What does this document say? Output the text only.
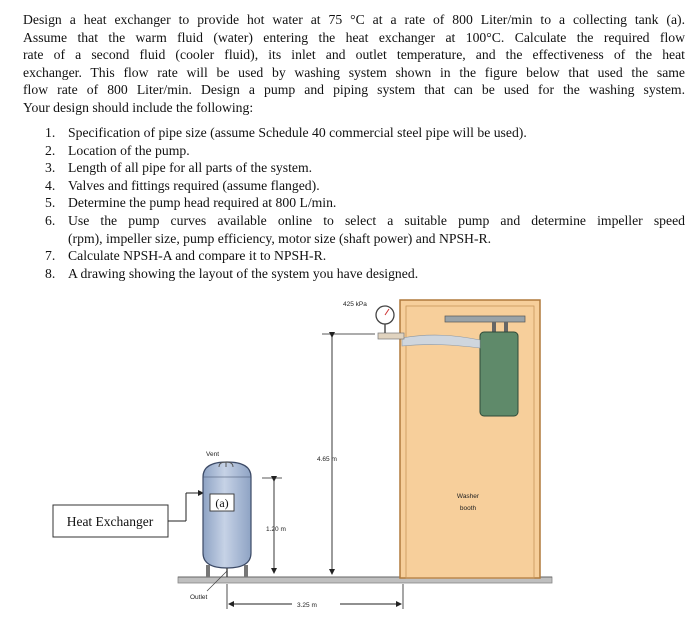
Design a heat exchanger to provide hot water at 75 °C at a rate of 800 Liter/min to a collecting tank (a).
Assume that the warm fluid (water) entering the heat exchanger at 100°C. Calculate the required flow
rate of a second fluid (cooler fluid), its inlet and outlet temperature, and the effectiveness of the heat
exchanger. This flow rate will be used by washing system shown in the figure below that used the same
flow rate of 800 Liter/min. Design a pump and piping system that can be used for the washing system.
Your design should include the following:
1. Specification of pipe size (assume Schedule 40 commercial steel pipe will be used).
2. Location of the pump.
3. Length of all pipe for all parts of the system.
4. Valves and fittings required (assume flanged).
5. Determine the pump head required at 800 L/min.
6. Use the pump curves available online to select a suitable pump and determine impeller speed
(rpm), impeller size, pump efficiency, motor size (shaft power) and NPSH-R.
7. Calculate NPSH-A and compare it to NPSH-R.
8. A drawing showing the layout of the system you have designed.
425 kPa
4.65 m
Heat Exchanger
(a)
Vent
Outlet
1.20 m
3.25 m
Washer
booth
